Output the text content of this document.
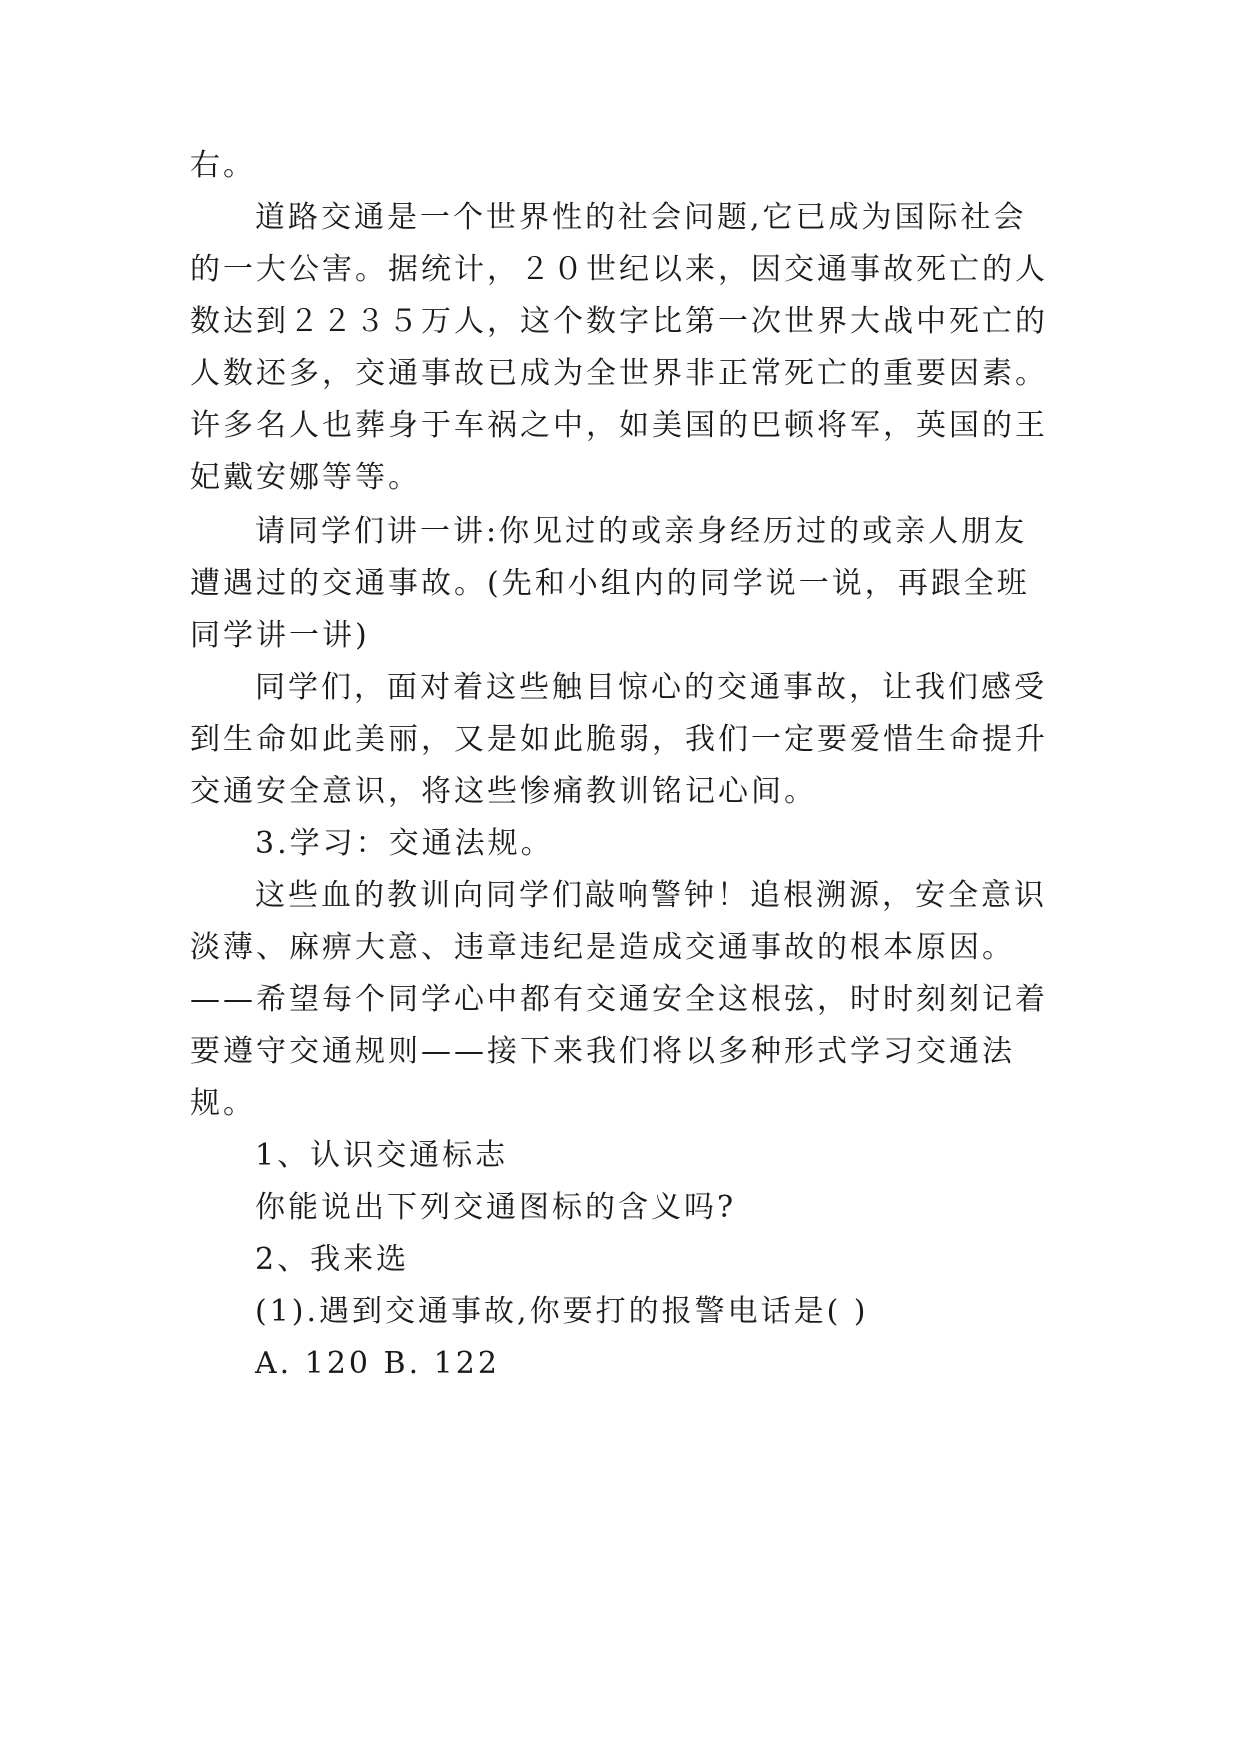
右。
道路交通是一个世界性的社会问题,它已成为国际社会
的一大公害。据统计，２０世纪以来，因交通事故死亡的人
数达到２２３５万人，这个数字比第一次世界大战中死亡的
人数还多，交通事故已成为全世界非正常死亡的重要因素。
许多名人也葬身于车祸之中，如美国的巴顿将军，英国的王
妃戴安娜等等。
请同学们讲一讲:你见过的或亲身经历过的或亲人朋友
遭遇过的交通事故。(先和小组内的同学说一说，再跟全班
同学讲一讲)
同学们，面对着这些触目惊心的交通事故，让我们感受
到生命如此美丽，又是如此脆弱，我们一定要爱惜生命提升
交通安全意识，将这些惨痛教训铭记心间。
3.学习：交通法规。
这些血的教训向同学们敲响警钟！追根溯源，安全意识
淡薄、麻痹大意、违章违纪是造成交通事故的根本原因。
——希望每个同学心中都有交通安全这根弦，时时刻刻记着
要遵守交通规则——接下来我们将以多种形式学习交通法
规。
1、认识交通标志
你能说出下列交通图标的含义吗?
2、我来选
(1).遇到交通事故,你要打的报警电话是( )
A. 120 B. 122
